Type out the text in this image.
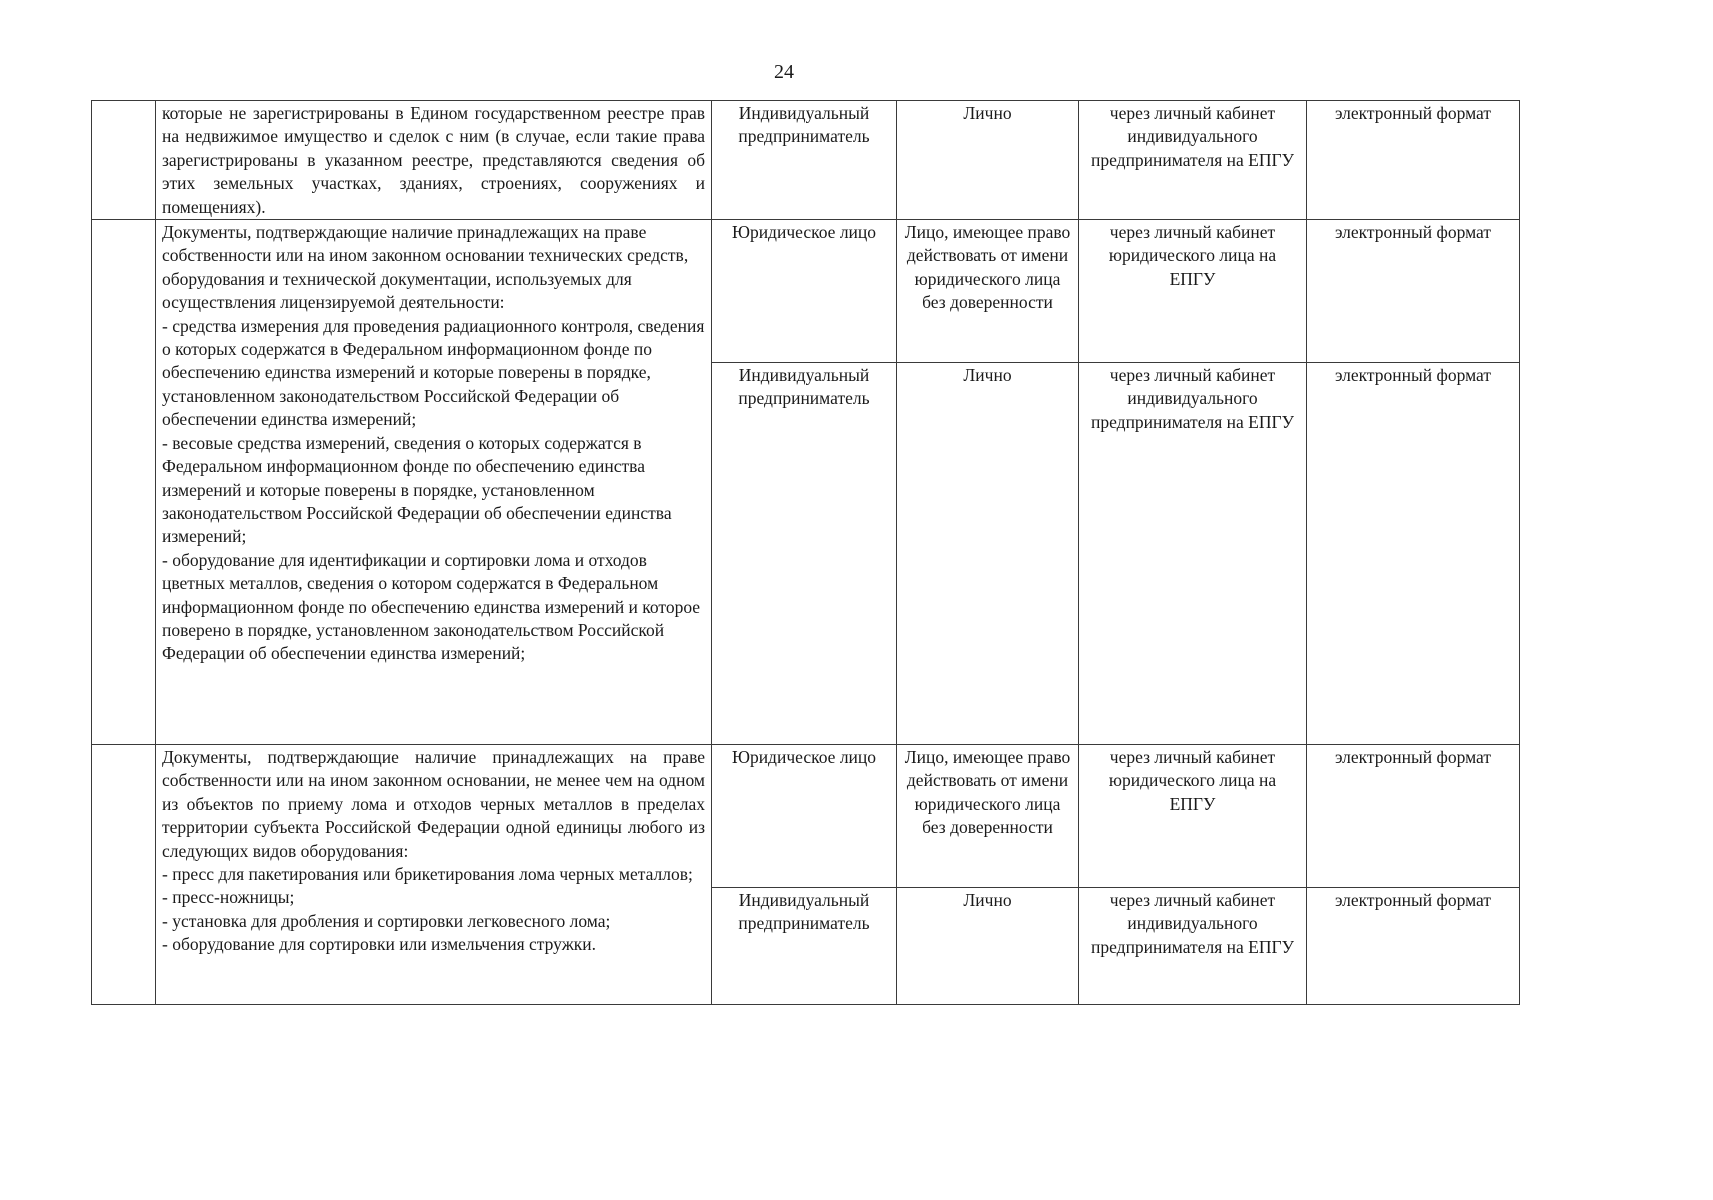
24

	которые не зарегистрированы в Едином государственном реестре прав на недвижимое имущество и сделок с ним (в случае, если такие права зарегистрированы в указанном реестре, представляются сведения об этих земельных участках, зданиях, строениях, сооружениях и помещениях).	Индивидуальный предприниматель	Лично	через личный кабинет индивидуального предпринимателя на ЕПГУ	электронный формат

	Документы, подтверждающие наличие принадлежащих на праве собственности или на ином законном основании технических средств, оборудования и технической документации, используемых для осуществления лицензируемой деятельности:
- средства измерения для проведения радиационного контроля, сведения о которых содержатся в Федеральном информационном фонде по обеспечению единства измерений и которые поверены в порядке, установленном законодательством Российской Федерации об обеспечении единства измерений;
- весовые средства измерений, сведения о которых содержатся в Федеральном информационном фонде по обеспечению единства измерений и которые поверены в порядке, установленном законодательством Российской Федерации об обеспечении единства измерений;
- оборудование для идентификации и сортировки лома и отходов цветных металлов, сведения о котором содержатся в Федеральном информационном фонде по обеспечению единства измерений и которое поверено в порядке, установленном законодательством Российской Федерации об обеспечении единства измерений;	Юридическое лицо	Лицо, имеющее право действовать от имени юридического лица без доверенности	через личный кабинет юридического лица на ЕПГУ	электронный формат
		Индивидуальный предприниматель	Лично	через личный кабинет индивидуального предпринимателя на ЕПГУ	электронный формат

	Документы, подтверждающие наличие принадлежащих на праве собственности или на ином законном основании, не менее чем на одном из объектов по приему лома и отходов черных металлов в пределах территории субъекта Российской Федерации одной единицы любого из следующих видов оборудования:

- пресс для пакетирования или брикетирования лома черных металлов;
- пресс-ножницы;
- установка для дробления и сортировки легковесного лома;
- оборудование для сортировки или измельчения стружки.	Юридическое лицо	Лицо, имеющее право действовать от имени юридического лица без доверенности	через личный кабинет юридического лица на ЕПГУ	электронный формат
		Индивидуальный предприниматель	Лично	через личный кабинет индивидуального предпринимателя на ЕПГУ	электронный формат
